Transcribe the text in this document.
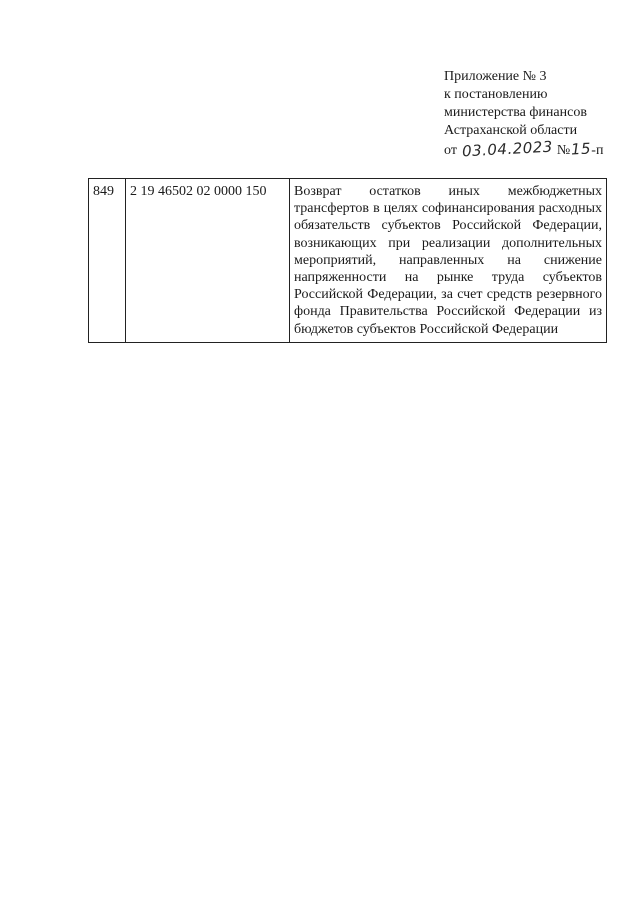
Приложение № 3
к постановлению
министерства финансов
Астраханской области
от 03.04.2023 №15-п
849	2 19 46502 02 0000 150	Возврат остатков иных межбюджетных трансфертов в целях софинансирования расходных обязательств субъектов Российской Федерации, возникающих при реализации дополнительных мероприятий, направленных на снижение напряженности на рынке труда субъектов Российской Федерации, за счет средств резервного фонда Правительства Российской Федерации из бюджетов субъектов Российской Федерации
